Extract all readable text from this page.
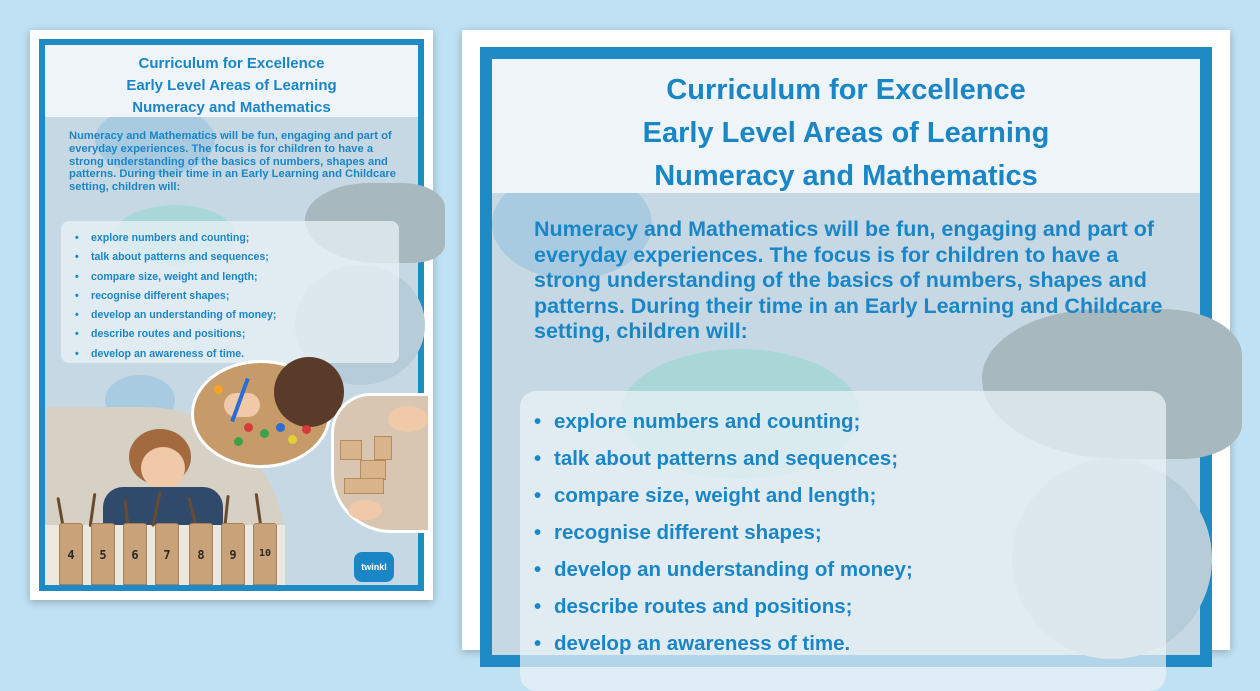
Curriculum for Excellence
Early Level Areas of Learning
Numeracy and Mathematics
Numeracy and Mathematics will be fun, engaging and part of everyday experiences. The focus is for children to have a strong understanding of the basics of numbers, shapes and patterns. During their time in an Early Learning and Childcare setting, children will:
• explore numbers and counting;
• talk about patterns and sequences;
• compare size, weight and length;
• recognise different shapes;
• develop an understanding of money;
• describe routes and positions;
• develop an awareness of time.
4	5	6	7	8	9	10
twinkl
Curriculum for Excellence
Early Level Areas of Learning
Numeracy and Mathematics
Numeracy and Mathematics will be fun, engaging and part of everyday experiences. The focus is for children to have a strong understanding of the basics of numbers, shapes and patterns. During their time in an Early Learning and Childcare setting, children will:
• explore numbers and counting;
• talk about patterns and sequences;
• compare size, weight and length;
• recognise different shapes;
• develop an understanding of money;
• describe routes and positions;
• develop an awareness of time.
